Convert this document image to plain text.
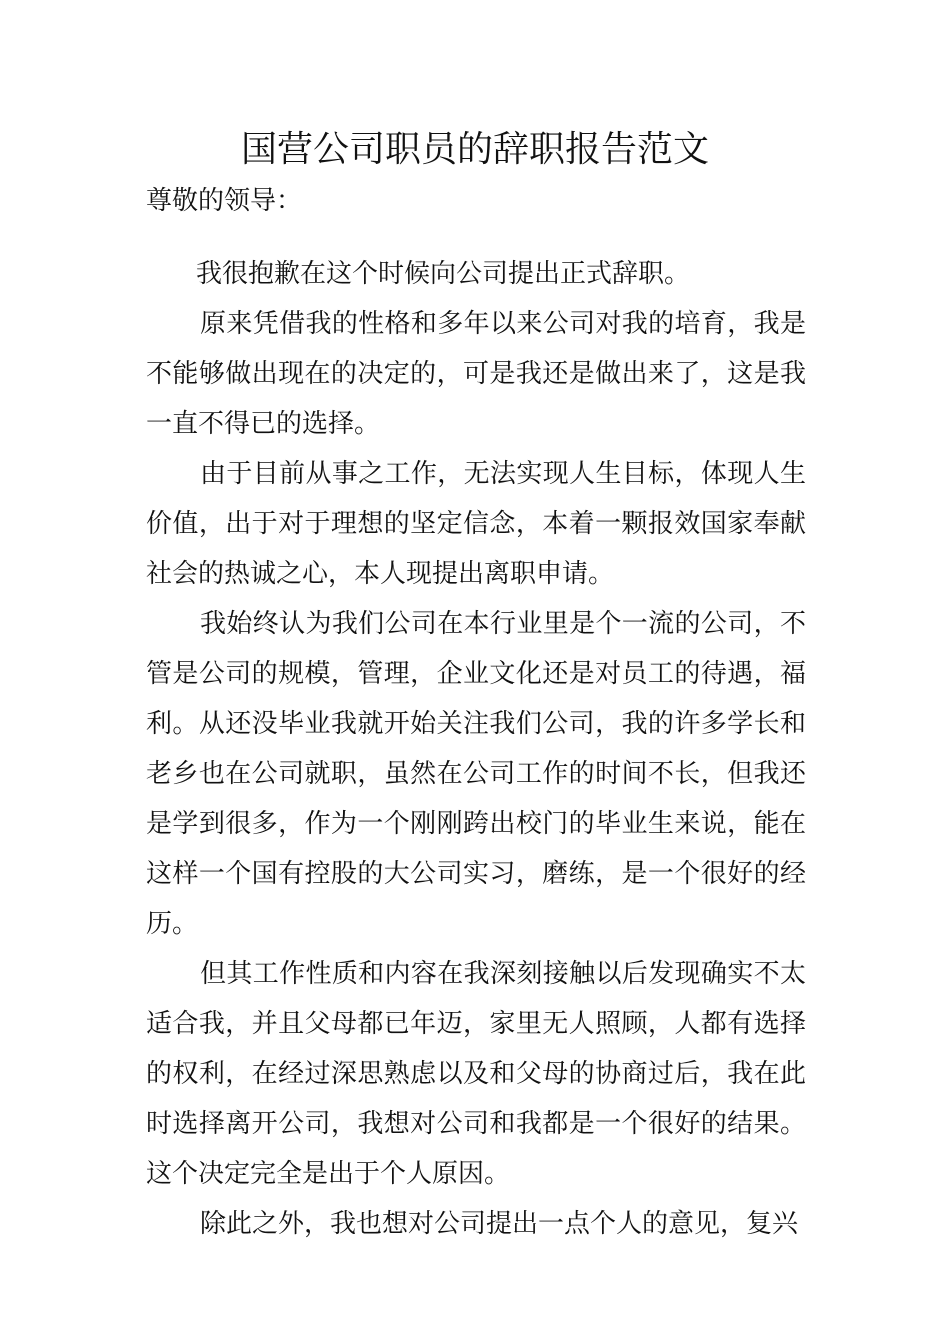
国营公司职员的辞职报告范文

尊敬的领导：

我很抱歉在这个时候向公司提出正式辞职。

原来凭借我的性格和多年以来公司对我的培育，我是不能够做出现在的决定的，可是我还是做出来了，这是我一直不得已的选择。

由于目前从事之工作，无法实现人生目标，体现人生价值，出于对于理想的坚定信念，本着一颗报效国家奉献社会的热诚之心，本人现提出离职申请。

我始终认为我们公司在本行业里是个一流的公司，不管是公司的规模，管理，企业文化还是对员工的待遇，福利。从还没毕业我就开始关注我们公司，我的许多学长和老乡也在公司就职，虽然在公司工作的时间不长，但我还是学到很多，作为一个刚刚跨出校门的毕业生来说，能在这样一个国有控股的大公司实习，磨练，是一个很好的经历。

但其工作性质和内容在我深刻接触以后发现确实不太适合我，并且父母都已年迈，家里无人照顾，人都有选择的权利，在经过深思熟虑以及和父母的协商过后，我在此时选择离开公司，我想对公司和我都是一个很好的结果。这个决定完全是出于个人原因。

除此之外，我也想对公司提出一点个人的意见，复兴
